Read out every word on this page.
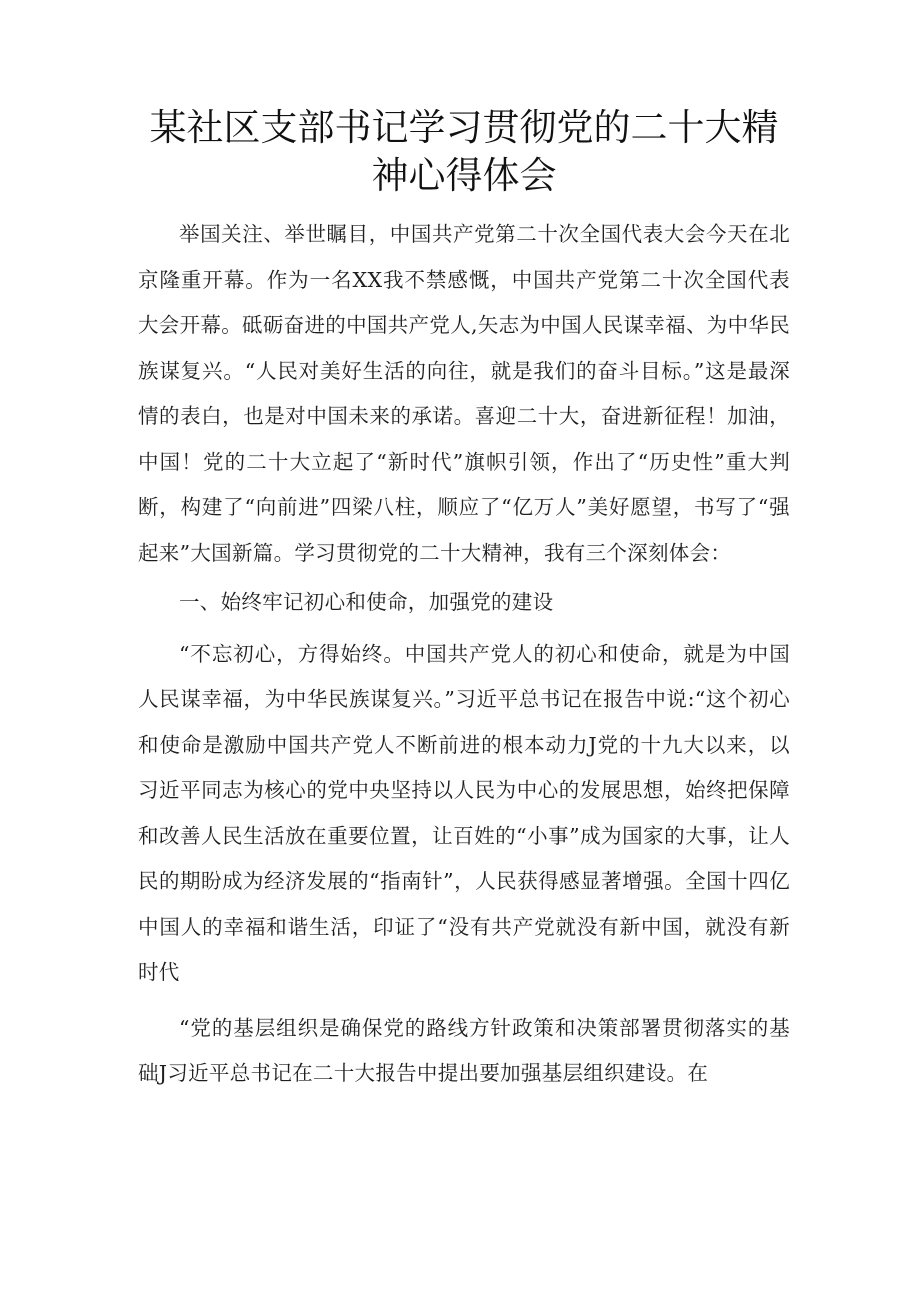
某社区支部书记学习贯彻党的二十大精
神心得体会

举国关注、举世瞩目，中国共产党第二十次全国代表大会今天在北京隆重开幕。作为一名XX我不禁感慨，中国共产党第二十次全国代表大会开幕。砥砺奋进的中国共产党人,矢志为中国人民谋幸福、为中华民族谋复兴。“人民对美好生活的向往，就是我们的奋斗目标。”这是最深情的表白，也是对中国未来的承诺。喜迎二十大，奋进新征程！加油，中国！党的二十大立起了“新时代”旗帜引领，作出了“历史性”重大判断，构建了“向前进”四梁八柱，顺应了“亿万人”美好愿望，书写了“强起来”大国新篇。学习贯彻党的二十大精神，我有三个深刻体会：

一、始终牢记初心和使命，加强党的建设

“不忘初心，方得始终。中国共产党人的初心和使命，就是为中国人民谋幸福，为中华民族谋复兴。”习近平总书记在报告中说:“这个初心和使命是激励中国共产党人不断前进的根本动力J党的十九大以来，以习近平同志为核心的党中央坚持以人民为中心的发展思想，始终把保障和改善人民生活放在重要位置，让百姓的“小事”成为国家的大事，让人民的期盼成为经济发展的“指南针”，人民获得感显著增强。全国十四亿中国人的幸福和谐生活，印证了“没有共产党就没有新中国，就没有新时代

“党的基层组织是确保党的路线方针政策和决策部署贯彻落实的基础J习近平总书记在二十大报告中提出要加强基层组织建设。在
